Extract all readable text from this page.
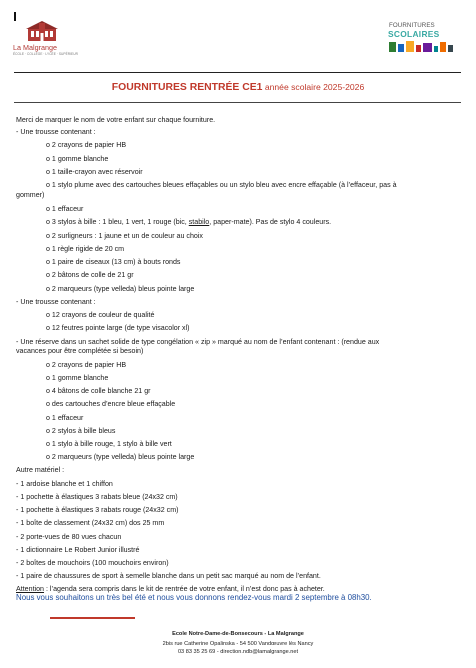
La Malgrange
ÉCOLE · COLLÈGE · LYCÉE · SUPÉRIEUR
FOURNITURES
SCOLAIRES
FOURNITURES RENTRÉE CE1 année scolaire 2025-2026
Merci de marquer le nom de votre enfant sur chaque fourniture.
- Une trousse contenant :
o 2 crayons de papier HB
o 1 gomme blanche
o 1 taille-crayon avec réservoir
o 1 stylo plume avec des cartouches bleues effaçables ou un stylo bleu avec encre effaçable (à l’effaceur, pas à
gommer)
o 1 effaceur
o 3 stylos à bille : 1 bleu, 1 vert, 1 rouge (bic, stabilo, paper-mate). Pas de stylo 4 couleurs.
o 2 surligneurs : 1 jaune et un de couleur au choix
o 1 règle rigide de 20 cm
o 1 paire de ciseaux (13 cm) à bouts ronds
o 2 bâtons de colle de 21 gr
o 2 marqueurs (type velleda) bleus pointe large
- Une trousse contenant :
o 12 crayons de couleur de qualité
o 12 feutres pointe large (de type visacolor xl)
- Une réserve dans un sachet solide de type congélation « zip » marqué au nom de l’enfant contenant : (rendue aux
vacances pour être complétée si besoin)
o 2 crayons de papier HB
o 1 gomme blanche
o 4 bâtons de colle blanche 21 gr
o des cartouches d’encre bleue effaçable
o 1 effaceur
o 2 stylos à bille bleus
o 1 stylo à bille rouge, 1 stylo à bille vert
o 2 marqueurs (type velleda) bleus pointe large
Autre matériel :
- 1 ardoise blanche et 1 chiffon
- 1 pochette à élastiques 3 rabats bleue (24x32 cm)
- 1 pochette à élastiques 3 rabats rouge (24x32 cm)
- 1 boîte de classement (24x32 cm) dos 25 mm
- 2 porte-vues de 80 vues chacun
- 1 dictionnaire Le Robert Junior illustré
- 2 boîtes de mouchoirs (100 mouchoirs environ)
- 1 paire de chaussures de sport à semelle blanche dans un petit sac marqué au nom de l’enfant.
Attention : l’agenda sera compris dans le kit de rentrée de votre enfant, il n’est donc pas à acheter.
Nous vous souhaitons un très bel été et nous vous donnons rendez-vous mardi 2 septembre à 08h30.
Ecole Notre-Dame-de-Bonsecours - La Malgrange
2bis rue Catherine Opalinska - 54 500 Vandœuvre lès Nancy
03 83 35 25 69 - direction.ndb@lamalgrange.net
